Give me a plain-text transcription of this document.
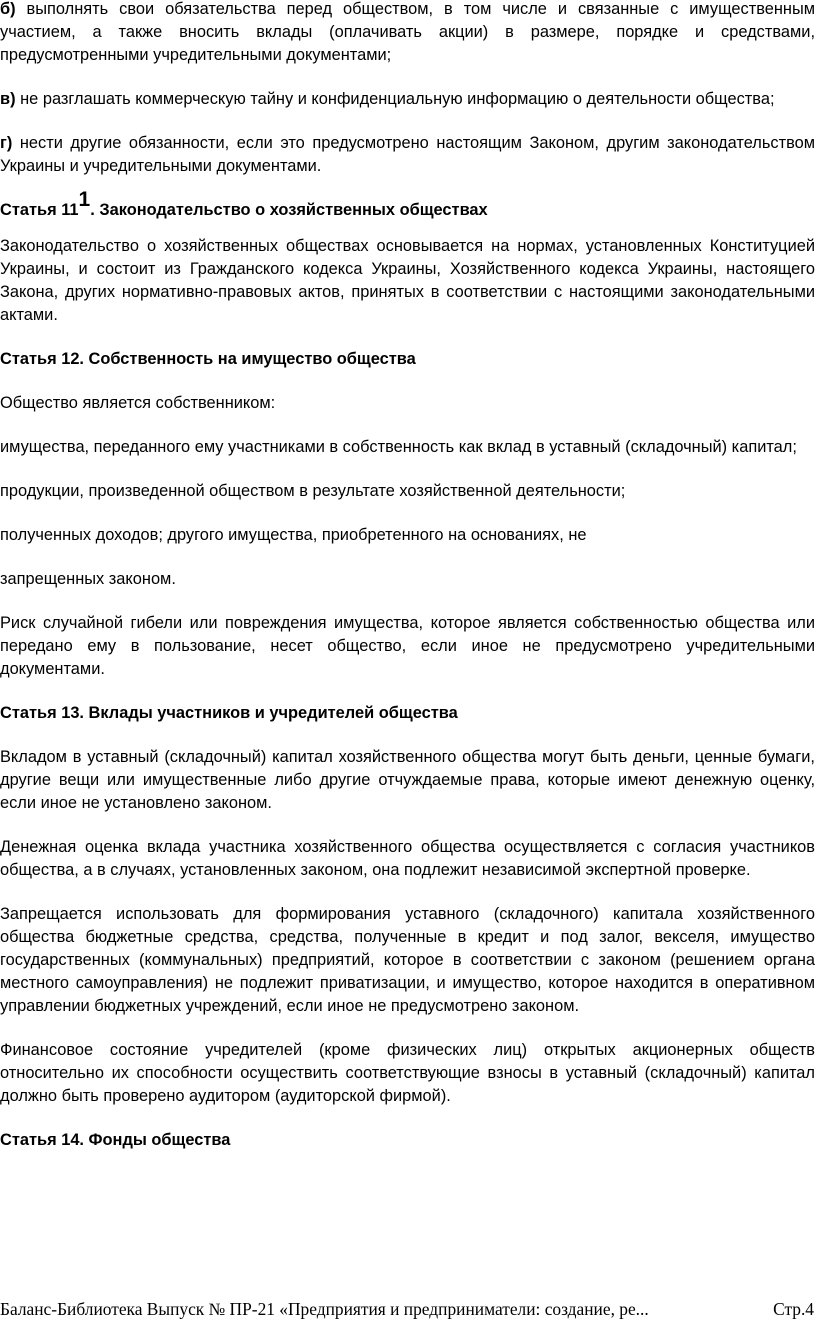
б) выполнять свои обязательства перед обществом, в том числе и связанные с имущественным участием, а также вносить вклады (оплачивать акции) в размере, порядке и средствами, предусмотренными учредительными документами;

в) не разглашать коммерческую тайну и конфиденциальную информацию о деятельности общества;

г) нести другие обязанности, если это предусмотрено настоящим Законом, другим законодательством Украины и учредительными документами.

Статья $11^1$. Законодательство о хозяйственных обществах

Законодательство о хозяйственных обществах основывается на нормах, установленных Конституцией Украины, и состоит из Гражданского кодекса Украины, Хозяйственного кодекса Украины, настоящего Закона, других нормативно-правовых актов, принятых в соответствии с настоящими законодательными актами.

Статья 12. Собственность на имущество общества

Общество является собственником:

имущества, переданного ему участниками в собственность как вклад в уставный (складочный) капитал;

продукции, произведенной обществом в результате хозяйственной деятельности;

полученных доходов; другого имущества, приобретенного на основаниях, не

запрещенных законом.

Риск случайной гибели или повреждения имущества, которое является собственностью общества или передано ему в пользование, несет общество, если иное не предусмотрено учредительными документами.

Статья 13. Вклады участников и учредителей общества

Вкладом в уставный (складочный) капитал хозяйственного общества могут быть деньги, ценные бумаги, другие вещи или имущественные либо другие отчуждаемые права, которые имеют денежную оценку, если иное не установлено законом.

Денежная оценка вклада участника хозяйственного общества осуществляется с согласия участников общества, а в случаях, установленных законом, она подлежит независимой экспертной проверке.

Запрещается использовать для формирования уставного (складочного) капитала хозяйственного общества бюджетные средства, средства, полученные в кредит и под залог, векселя, имущество государственных (коммунальных) предприятий, которое в соответствии с законом (решением органа местного самоуправления) не подлежит приватизации, и имущество, которое находится в оперативном управлении бюджетных учреждений, если иное не предусмотрено законом.

Финансовое состояние учредителей (кроме физических лиц) открытых акционерных обществ относительно их способности осуществить соответствующие взносы в уставный (складочный) капитал должно быть проверено аудитором (аудиторской фирмой).

Статья 14. Фонды общества

Баланс-Библиотека Выпуск № ПР-21 «Предприятия и предприниматели: создание, ре...	Стр.4
